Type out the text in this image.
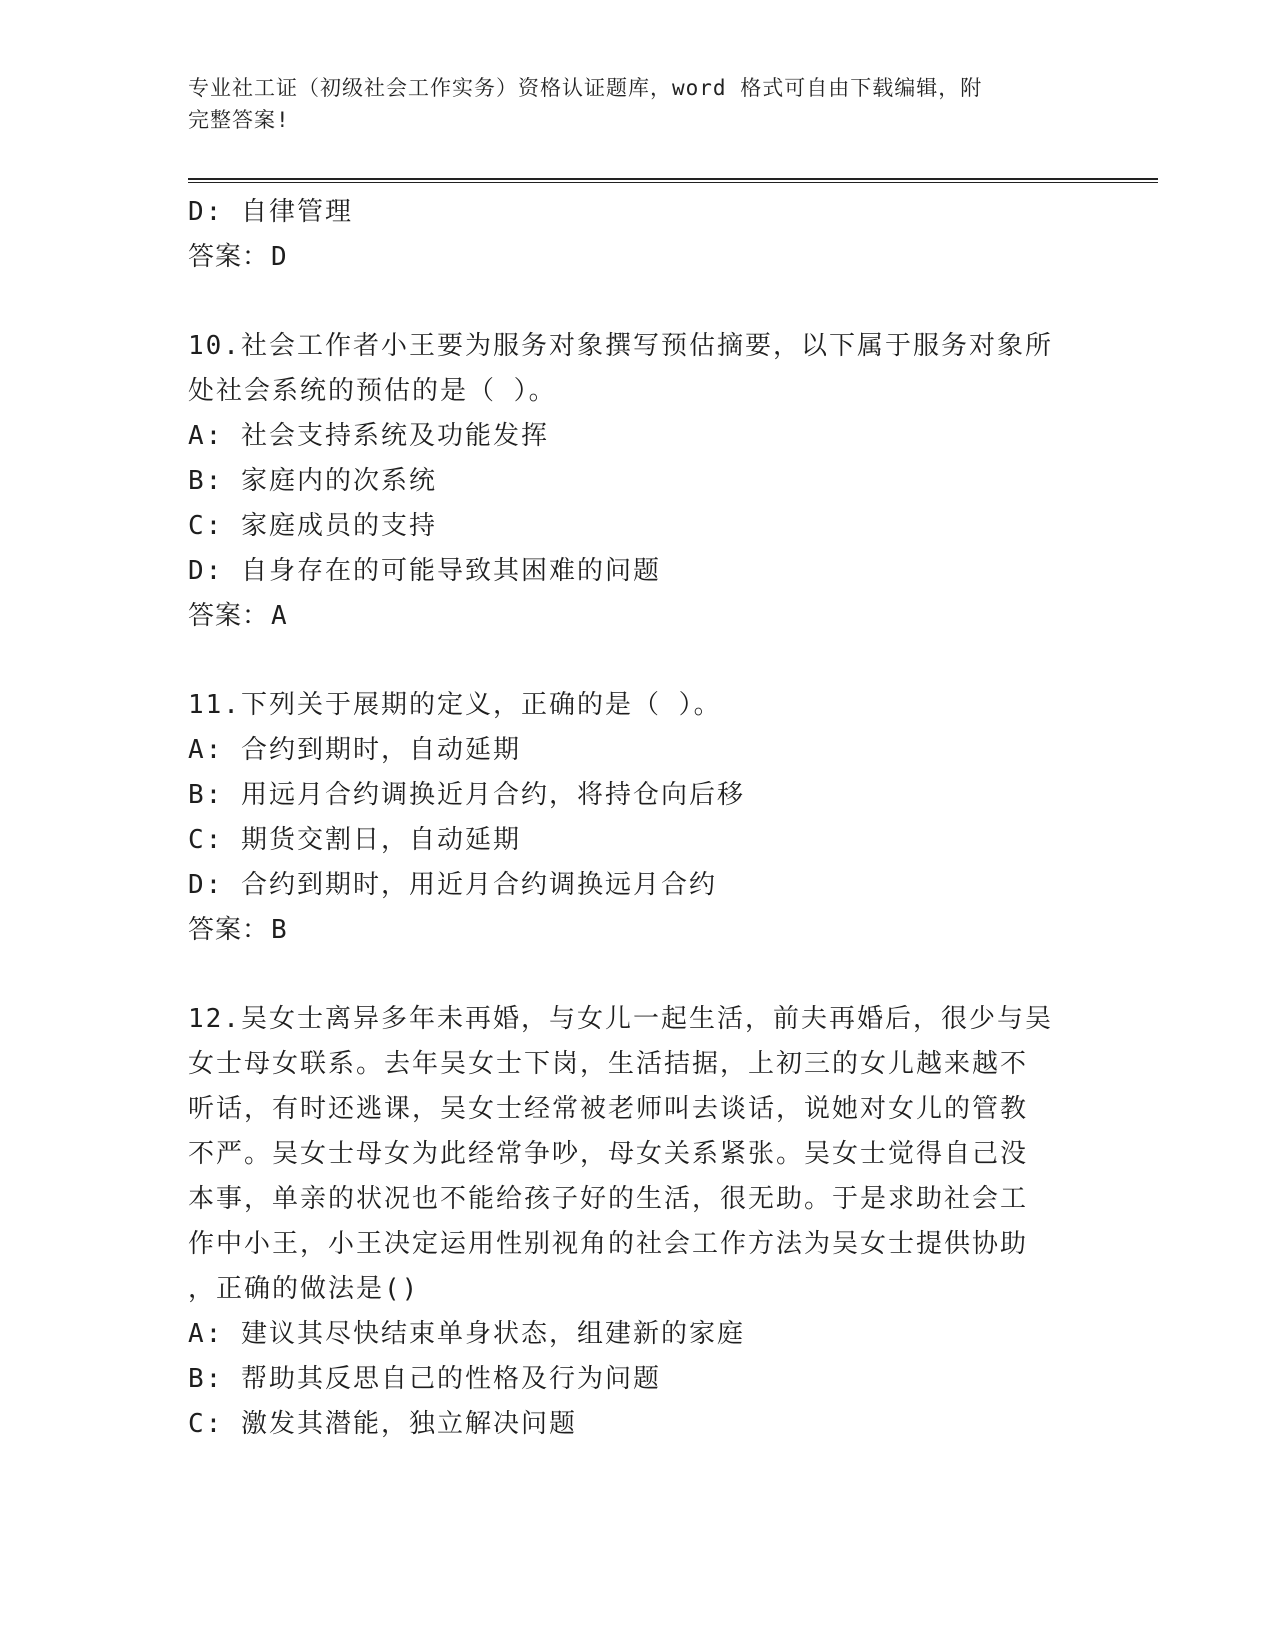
专业社工证（初级社会工作实务）资格认证题库，word 格式可自由下载编辑，附
完整答案!
D: 自律管理
答案：D
10.社会工作者小王要为服务对象撰写预估摘要，以下属于服务对象所
处社会系统的预估的是（ ）。
A: 社会支持系统及功能发挥
B: 家庭内的次系统
C: 家庭成员的支持
D: 自身存在的可能导致其困难的问题
答案：A
11.下列关于展期的定义，正确的是（ ）。
A: 合约到期时，自动延期
B: 用远月合约调换近月合约，将持仓向后移
C: 期货交割日，自动延期
D: 合约到期时，用近月合约调换远月合约
答案：B
12.吴女士离异多年未再婚，与女儿一起生活，前夫再婚后，很少与吴
女士母女联系。去年吴女士下岗，生活拮据，上初三的女儿越来越不
听话，有时还逃课，吴女士经常被老师叫去谈话，说她对女儿的管教
不严。吴女士母女为此经常争吵，母女关系紧张。吴女士觉得自己没
本事，单亲的状况也不能给孩子好的生活，很无助。于是求助社会工
作中小王，小王决定运用性别视角的社会工作方法为吴女士提供协助
，正确的做法是()
A: 建议其尽快结束单身状态，组建新的家庭
B: 帮助其反思自己的性格及行为问题
C: 激发其潜能，独立解决问题
